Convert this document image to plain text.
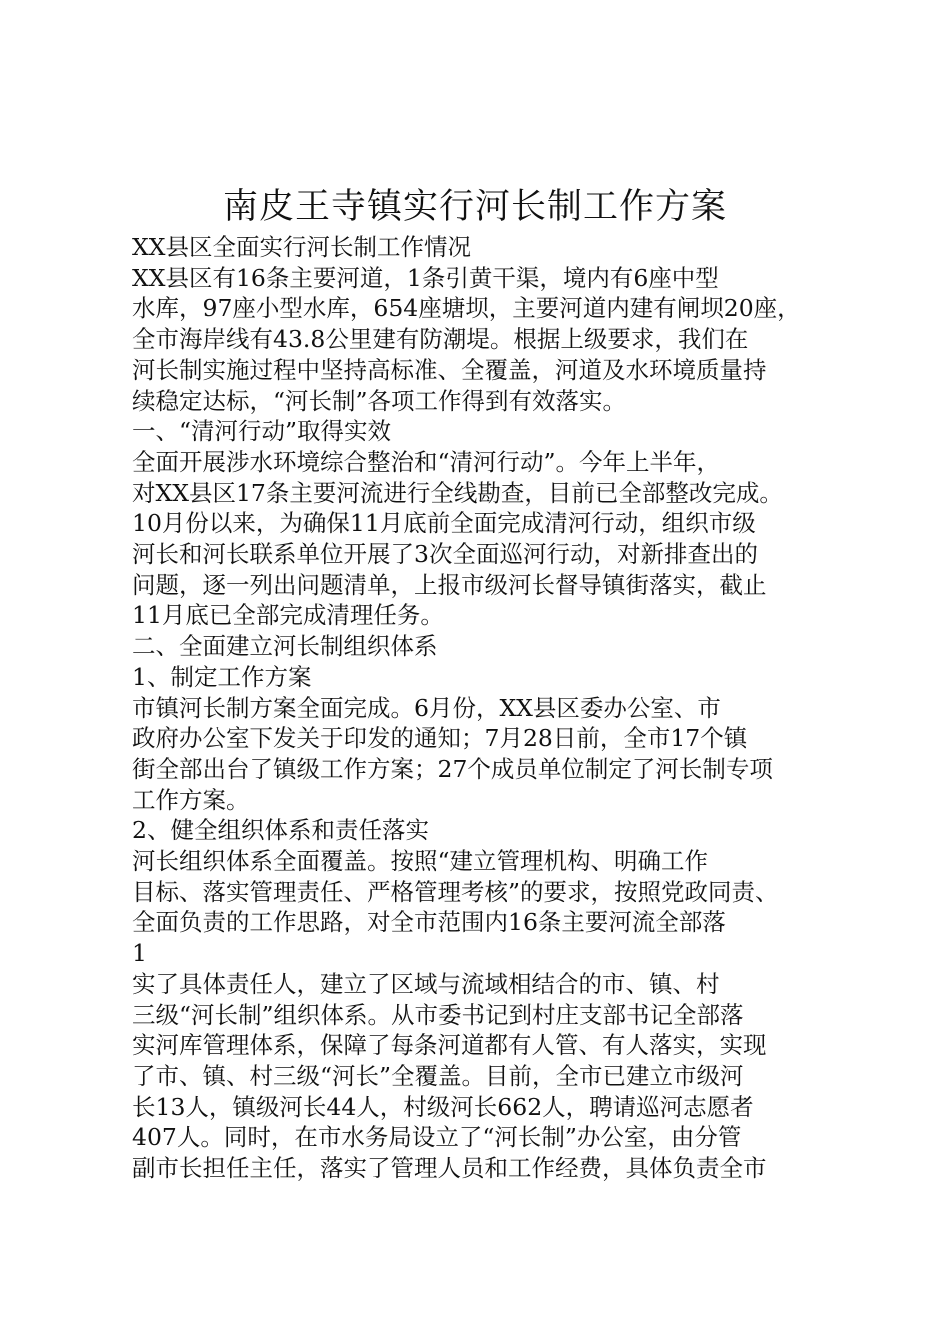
南皮王寺镇实行河长制工作方案

XX县区全面实行河长制工作情况

XX县区有16条主要河道，1条引黄干渠，境内有6座中型

水库，97座小型水库，654座塘坝，主要河道内建有闸坝20座，

全市海岸线有43.8公里建有防潮堤。根据上级要求，我们在

河长制实施过程中坚持高标准、全覆盖，河道及水环境质量持

续稳定达标，“河长制”各项工作得到有效落实。

一、“清河行动”取得实效

全面开展涉水环境综合整治和“清河行动”。今年上半年，

对XX县区17条主要河流进行全线勘查，目前已全部整改完成。

10月份以来，为确保11月底前全面完成清河行动，组织市级

河长和河长联系单位开展了3次全面巡河行动，对新排查出的

问题，逐一列出问题清单，上报市级河长督导镇街落实，截止

11月底已全部完成清理任务。

二、全面建立河长制组织体系

1、制定工作方案

市镇河长制方案全面完成。6月份，XX县区委办公室、市

政府办公室下发关于印发的通知；7月28日前，全市17个镇

街全部出台了镇级工作方案；27个成员单位制定了河长制专项

工作方案。

2、健全组织体系和责任落实

河长组织体系全面覆盖。按照“建立管理机构、明确工作

目标、落实管理责任、严格管理考核”的要求，按照党政同责、

全面负责的工作思路，对全市范围内16条主要河流全部落

1

实了具体责任人，建立了区域与流域相结合的市、镇、村

三级“河长制”组织体系。从市委书记到村庄支部书记全部落

实河库管理体系，保障了每条河道都有人管、有人落实，实现

了市、镇、村三级“河长”全覆盖。目前，全市已建立市级河

长13人，镇级河长44人，村级河长662人，聘请巡河志愿者

407人。同时，在市水务局设立了“河长制”办公室，由分管

副市长担任主任，落实了管理人员和工作经费，具体负责全市
